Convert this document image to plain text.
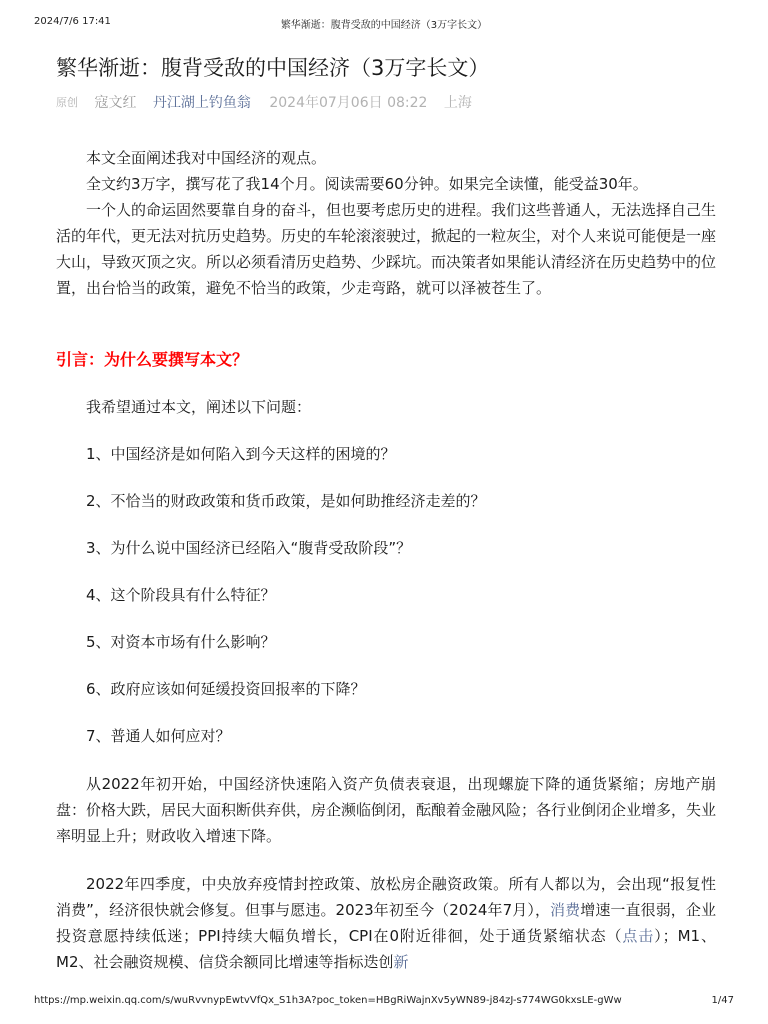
2024/7/6 17:41	繁华渐逝：腹背受敌的中国经济（3万字长文）
繁华渐逝：腹背受敌的中国经济（3万字长文）
原创 寇文红 丹江湖上钓鱼翁 2024年07月06日 08:22 上海

本文全面阐述我对中国经济的观点。

全文约3万字，撰写花了我14个月。阅读需要60分钟。如果完全读懂，能受益30年。

一个人的命运固然要靠自身的奋斗，但也要考虑历史的进程。我们这些普通人，无法选择自己生活的年代，更无法对抗历史趋势。历史的车轮滚滚驶过，掀起的一粒灰尘，对个人来说可能便是一座大山，导致灭顶之灾。所以必须看清历史趋势、少踩坑。而决策者如果能认清经济在历史趋势中的位置，出台恰当的政策，避免不恰当的政策，少走弯路，就可以泽被苍生了。

引言：为什么要撰写本文？

我希望通过本文，阐述以下问题：

1、中国经济是如何陷入到今天这样的困境的？

2、不恰当的财政政策和货币政策，是如何助推经济走差的？

3、为什么说中国经济已经陷入“腹背受敌阶段”？

4、这个阶段具有什么特征？

5、对资本市场有什么影响？

6、政府应该如何延缓投资回报率的下降？

7、普通人如何应对？

从2022年初开始，中国经济快速陷入资产负债表衰退，出现螺旋下降的通货紧缩；房地产崩盘：价格大跌，居民大面积断供弃供，房企濒临倒闭，酝酿着金融风险；各行业倒闭企业增多，失业率明显上升；财政收入增速下降。

2022年四季度，中央放弃疫情封控政策、放松房企融资政策。所有人都以为，会出现“报复性消费”，经济很快就会修复。但事与愿违。2023年初至今（2024年7月），消费增速一直很弱，企业投资意愿持续低迷；PPI持续大幅负增长，CPI在0附近徘徊，处于通货紧缩状态（点击）；M1、M2、社会融资规模、信贷余额同比增速等指标迭创新

https://mp.weixin.qq.com/s/wuRvvnypEwtvVfQx_S1h3A?poc_token=HBgRiWajnXv5yWN89-j84zJ-s774WG0kxsLE-gWw	1/47
